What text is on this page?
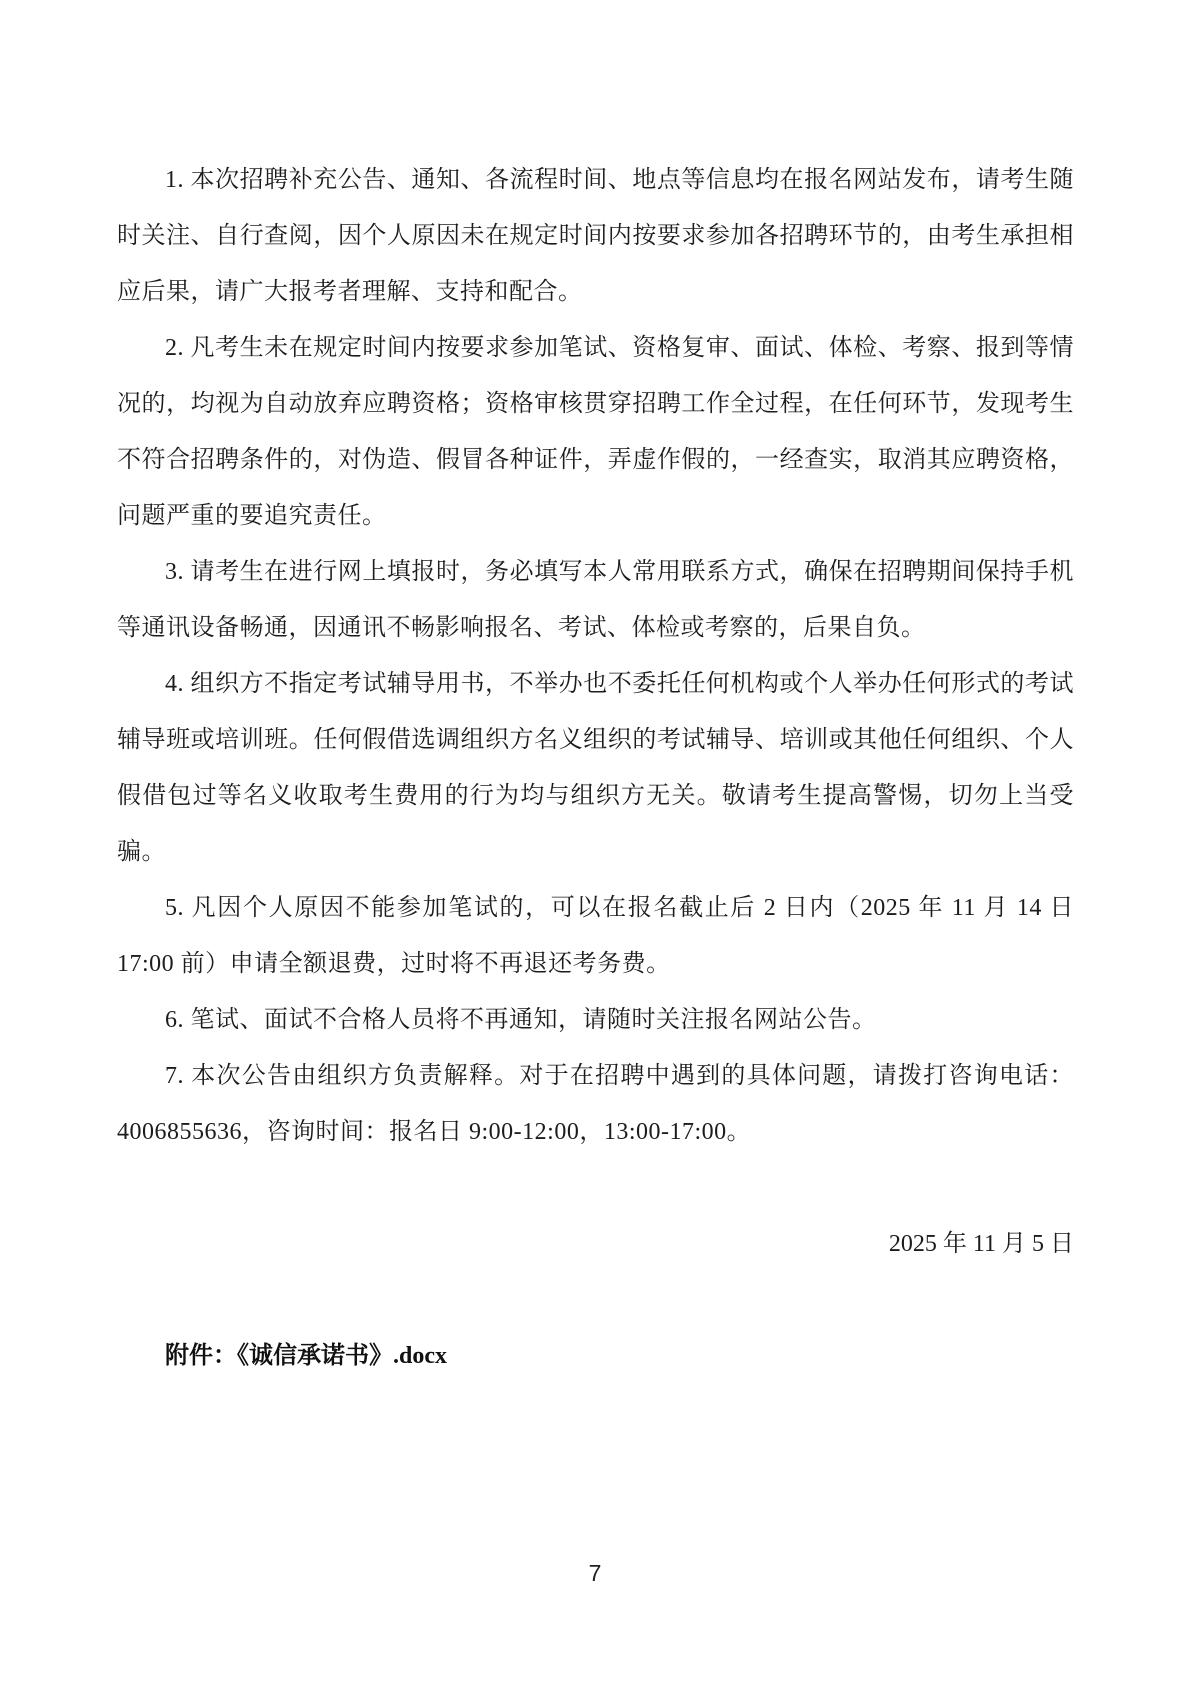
1. 本次招聘补充公告、通知、各流程时间、地点等信息均在报名网站发布，请考生随时关注、自行查阅，因个人原因未在规定时间内按要求参加各招聘环节的，由考生承担相应后果，请广大报考者理解、支持和配合。

2. 凡考生未在规定时间内按要求参加笔试、资格复审、面试、体检、考察、报到等情况的，均视为自动放弃应聘资格；资格审核贯穿招聘工作全过程，在任何环节，发现考生不符合招聘条件的，对伪造、假冒各种证件，弄虚作假的，一经查实，取消其应聘资格，问题严重的要追究责任。

3. 请考生在进行网上填报时，务必填写本人常用联系方式，确保在招聘期间保持手机等通讯设备畅通，因通讯不畅影响报名、考试、体检或考察的，后果自负。

4. 组织方不指定考试辅导用书，不举办也不委托任何机构或个人举办任何形式的考试辅导班或培训班。任何假借选调组织方名义组织的考试辅导、培训或其他任何组织、个人假借包过等名义收取考生费用的行为均与组织方无关。敬请考生提高警惕，切勿上当受骗。

5. 凡因个人原因不能参加笔试的，可以在报名截止后 2 日内（2025 年 11 月 14 日 17:00 前）申请全额退费，过时将不再退还考务费。

6. 笔试、面试不合格人员将不再通知，请随时关注报名网站公告。

7. 本次公告由组织方负责解释。对于在招聘中遇到的具体问题，请拨打咨询电话：4006855636，咨询时间：报名日 9:00-12:00，13:00-17:00。

2025 年 11 月 5 日

附件：《诚信承诺书》.docx

7
